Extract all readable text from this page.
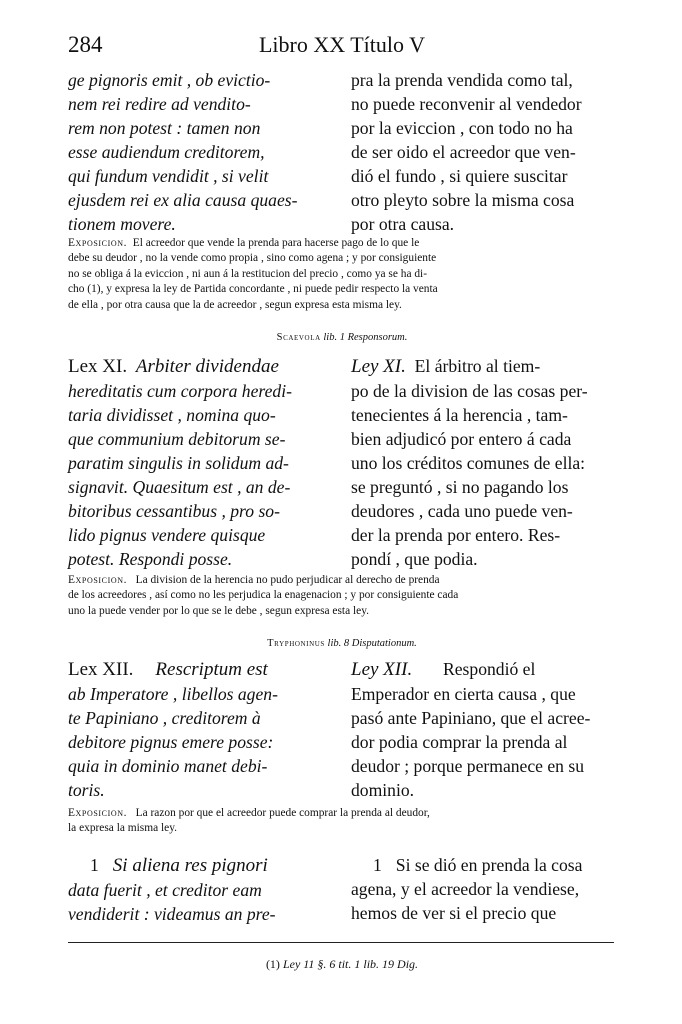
284	Libro XX Título V
ge pignoris emit , ob evictio-
nem rei redire ad vendito-
rem non potest : tamen non
esse audiendum creditorem,
qui fundum vendidit , si velit
ejusdem rei ex alia causa quaes-
tionem movere.
pra la prenda vendida como tal,
no puede reconvenir al vendedor
por la eviccion , con todo no ha
de ser oido el acreedor que ven-
dió el fundo , si quiere suscitar
otro pleyto sobre la misma cosa
por otra causa.
Exposicion. El acreedor que vende la prenda para hacerse pago de lo que le
debe su deudor , no la vende como propia , sino como agena ; y por consiguiente
no se obliga á la eviccion , ni aun á la restitucion del precio , como ya se ha di-
cho (1), y expresa la ley de Partida concordante , ni puede pedir respecto la venta
de ella , por otra causa que la de acreedor , segun expresa esta misma ley.
Scaevola lib. 1 Responsorum.
Lex XI. Arbiter dividendae
hereditatis cum corpora heredi-
taria dividisset , nomina quo-
que communium debitorum se-
paratim singulis in solidum ad-
signavit. Quaesitum est , an de-
bitoribus cessantibus , pro so-
lido pignus vendere quisque
potest. Respondi posse.
Ley XI. El árbitro al tiem-
po de la division de las cosas per-
tenecientes á la herencia , tam-
bien adjudicó por entero á cada
uno los créditos comunes de ella:
se preguntó , si no pagando los
deudores , cada uno puede ven-
der la prenda por entero. Res-
pondí , que podia.
Exposicion. La division de la herencia no pudo perjudicar al derecho de prenda
de los acreedores , así como no les perjudica la enagenacion ; y por consiguiente cada
uno la puede vender por lo que se le debe , segun expresa esta ley.
Tryphoninus lib. 8 Disputationum.
Lex XII. Rescriptum est
ab Imperatore , libellos agen-
te Papiniano , creditorem à
debitore pignus emere posse:
quia in dominio manet debi-
toris.
Ley XII. Respondió el
Emperador en cierta causa , que
pasó ante Papiniano, que el acree-
dor podia comprar la prenda al
deudor ; porque permanece en su
dominio.
Exposicion. La razon por que el acreedor puede comprar la prenda al deudor,
la expresa la misma ley.
1 Si aliena res pignori
data fuerit , et creditor eam
vendiderit : videamus an pre-
1 Si se dió en prenda la cosa
agena, y el acreedor la vendiese,
hemos de ver si el precio que
(1) Ley 11 §. 6 tit. 1 lib. 19 Dig.
